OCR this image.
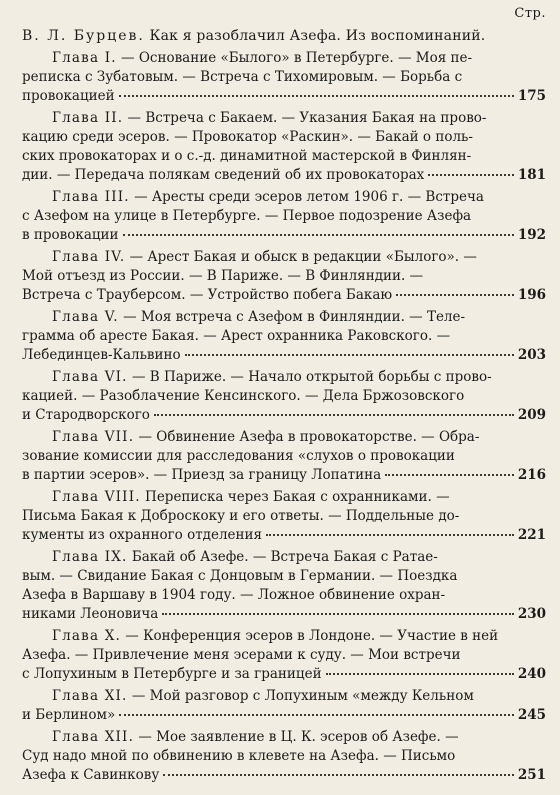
Стр.
В. Л. Бурцев. Как я разоблачил Азефа. Из воспоминаний.
Глава I. — Основание «Былого» в Петербурге. — Моя пе-
реписка с Зубатовым. — Встреча с Тихомировым. — Борьба с
провокацией	175
Глава II. — Встреча с Бакаем. — Указания Бакая на прово-
кацию среди эсеров. — Провокатор «Раскин». — Бакай о поль-
ских провокаторах и о с.-д. динамитной мастерской в Финлян-
дии. — Передача полякам сведений об их провокаторах	181
Глава III. — Аресты среди эсеров летом 1906 г. — Встреча
с Азефом на улице в Петербурге. — Первое подозрение Азефа
в провокации	192
Глава IV. — Арест Бакая и обыск в редакции «Былого». —
Мой отъезд из России. — В Париже. — В Финляндии. —
Встреча с Трауберсом. — Устройство побега Бакаю	196
Глава V. — Моя встреча с Азефом в Финляндии. — Теле-
грамма об аресте Бакая. — Арест охранника Раковского. —
Лебединцев-Кальвино	203
Глава VI. — В Париже. — Начало открытой борьбы с прово-
кацией. — Разоблачение Кенсинского. — Дела Бржозовского
и Стародворского	209
Глава VII. — Обвинение Азефа в провокаторстве. — Обра-
зование комиссии для расследования «слухов о провокации
в партии эсеров». — Приезд за границу Лопатина	216
Глава VIII. Переписка через Бакая с охранниками. —
Письма Бакая к Доброскоку и его ответы. — Поддельные до-
кументы из охранного отделения	221
Глава IX. Бакай об Азефе. — Встреча Бакая с Ратае-
вым. — Свидание Бакая с Донцовым в Германии. — Поездка
Азефа в Варшаву в 1904 году. — Ложное обвинение охран-
никами Леоновича	230
Глава X. — Конференция эсеров в Лондоне. — Участие в ней
Азефа. — Привлечение меня эсерами к суду. — Мои встречи
с Лопухиным в Петербурге и за границей	240
Глава XI. — Мой разговор с Лопухиным «между Кельном
и Берлином»	245
Глава XII. — Мое заявление в Ц. К. эсеров об Азефе. —
Суд надо мной по обвинению в клевете на Азефа. — Письмо
Азефа к Савинкову	251
